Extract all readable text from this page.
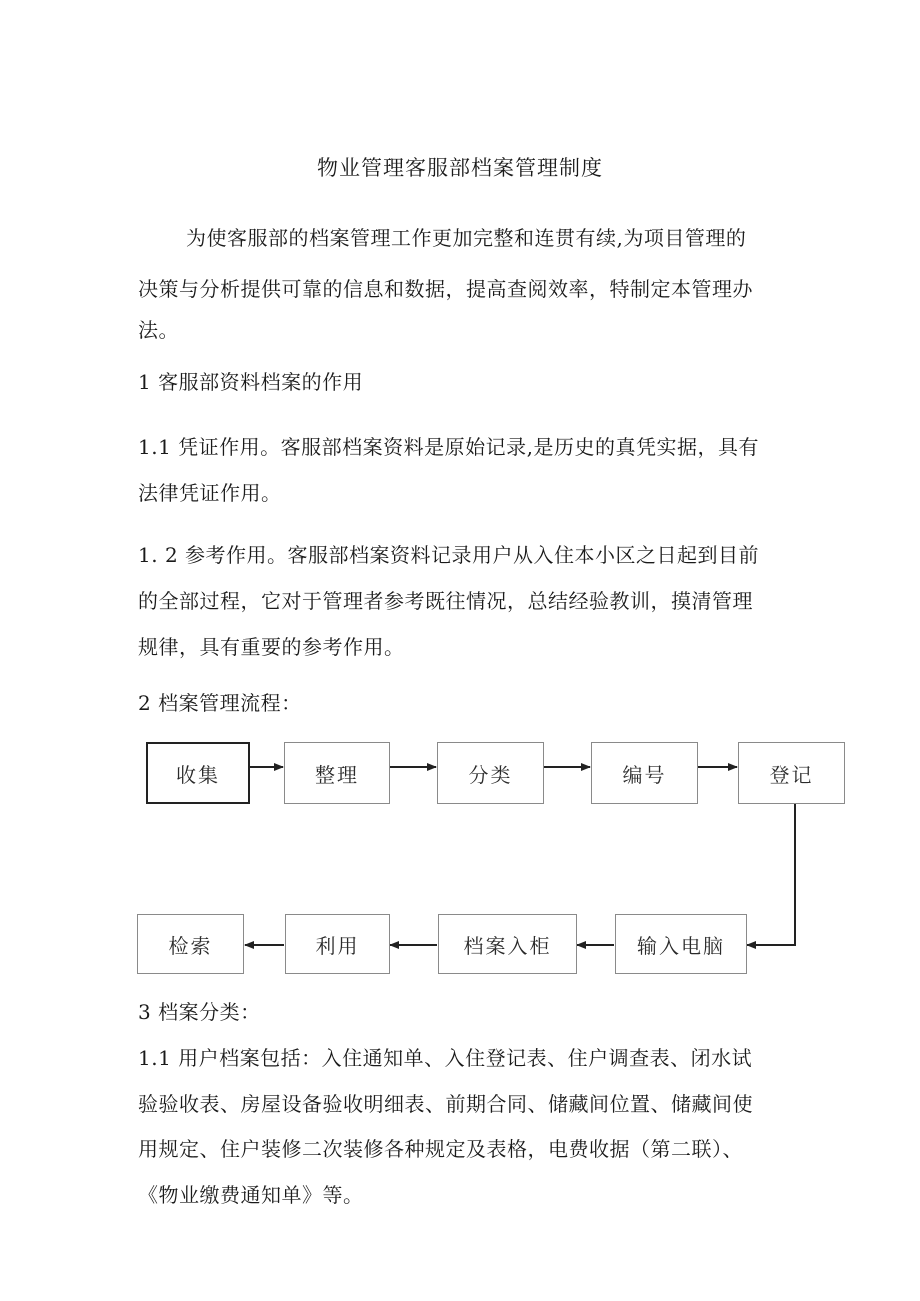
物业管理客服部档案管理制度
为使客服部的档案管理工作更加完整和连贯有续,为项目管理的
决策与分析提供可靠的信息和数据，提高查阅效率，特制定本管理办
法。
1 客服部资料档案的作用
1.1 凭证作用。客服部档案资料是原始记录,是历史的真凭实据，具有
法律凭证作用。
1. 2 参考作用。客服部档案资料记录用户从入住本小区之日起到目前
的全部过程，它对于管理者参考既往情况，总结经验教训，摸清管理
规律，具有重要的参考作用。
2 档案管理流程：
收集	整理	分类	编号	登记
检索	利用	档案入柜	输入电脑
3 档案分类：
1.1 用户档案包括：入住通知单、入住登记表、住户调查表、闭水试
验验收表、房屋设备验收明细表、前期合同、储藏间位置、储藏间使
用规定、住户装修二次装修各种规定及表格，电费收据（第二联）、
《物业缴费通知单》等。
